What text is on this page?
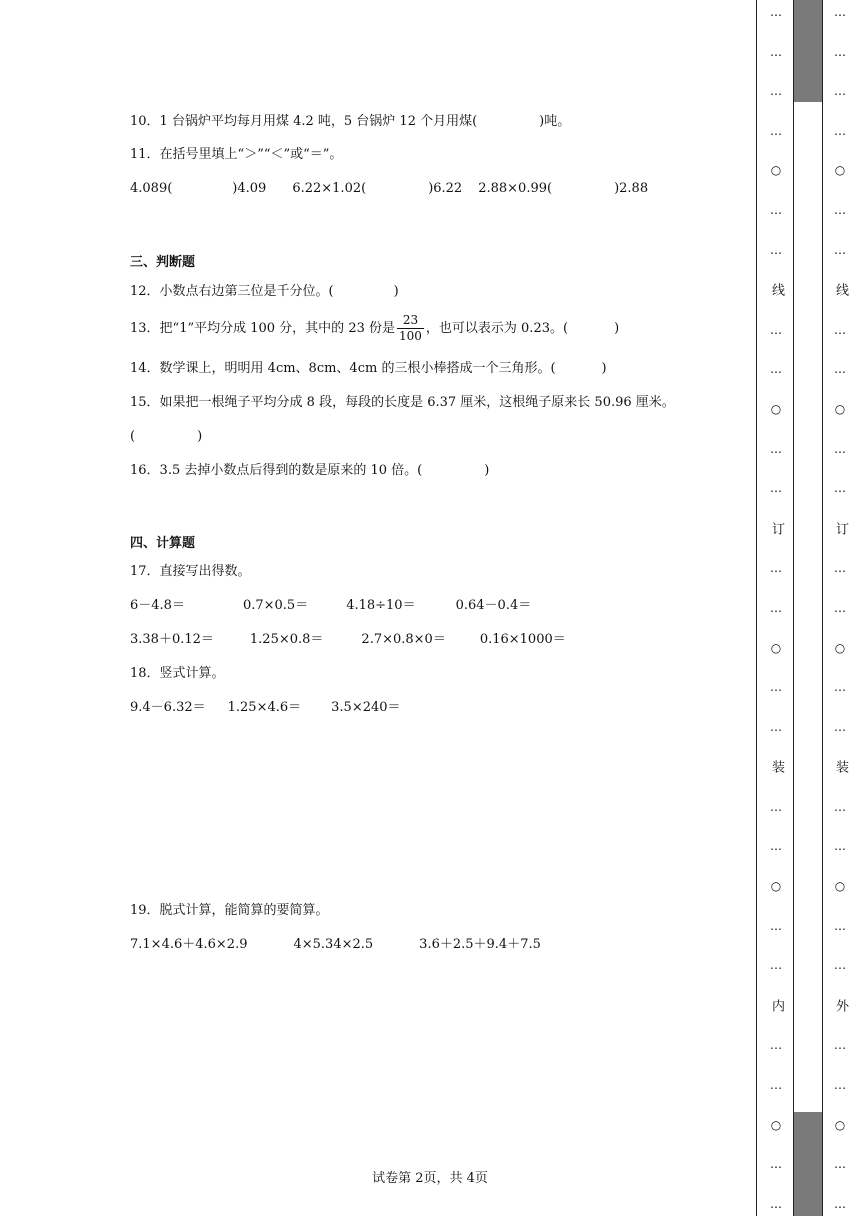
10．1 台锅炉平均每月用煤 4.2 吨，5 台锅炉 12 个月用煤(	)吨。
11．在括号里填上“＞”“＜”或“＝”。
4.089(	)4.09 6.22×1.02(	)6.22 2.88×0.99(	)2.88
三、判断题
12．小数点右边第三位是千分位。(	)
13．把“1”平均分成 100 分，其中的 23 份是 $\frac{23}{100}$ ，也可以表示为 0.23。(	)
14．数学课上，明明用 4cm、8cm、4cm 的三根小棒搭成一个三角形。(	)
15．如果把一根绳子平均分成 8 段，每段的长度是 6.37 厘米，这根绳子原来长 50.96 厘米。
(	)
16．3.5 去掉小数点后得到的数是原来的 10 倍。(	)
四、计算题
17．直接写出得数。
6－4.8＝	0.7×0.5＝	4.18÷10＝	0.64－0.4＝
3.38＋0.12＝	1.25×0.8＝	2.7×0.8×0＝	0.16×1000＝
18．竖式计算。
9.4－6.32＝ 1.25×4.6＝ 3.5×240＝
19．脱式计算，能简算的要简算。
7.1×4.6＋4.6×2.9	4×5.34×2.5	3.6＋2.5＋9.4＋7.5
试卷第 2页，共 4页
…
…
…
…
○
…
…
线
…
…
○
…
…
订
…
…
○
…
…
装
…
…
○
…
…
内
…
…
○
…
…
…
…
…
…
○
…
…
线
…
…
○
…
…
订
…
…
○
…
…
装
…
…
○
…
…
外
…
…
○
…
…
